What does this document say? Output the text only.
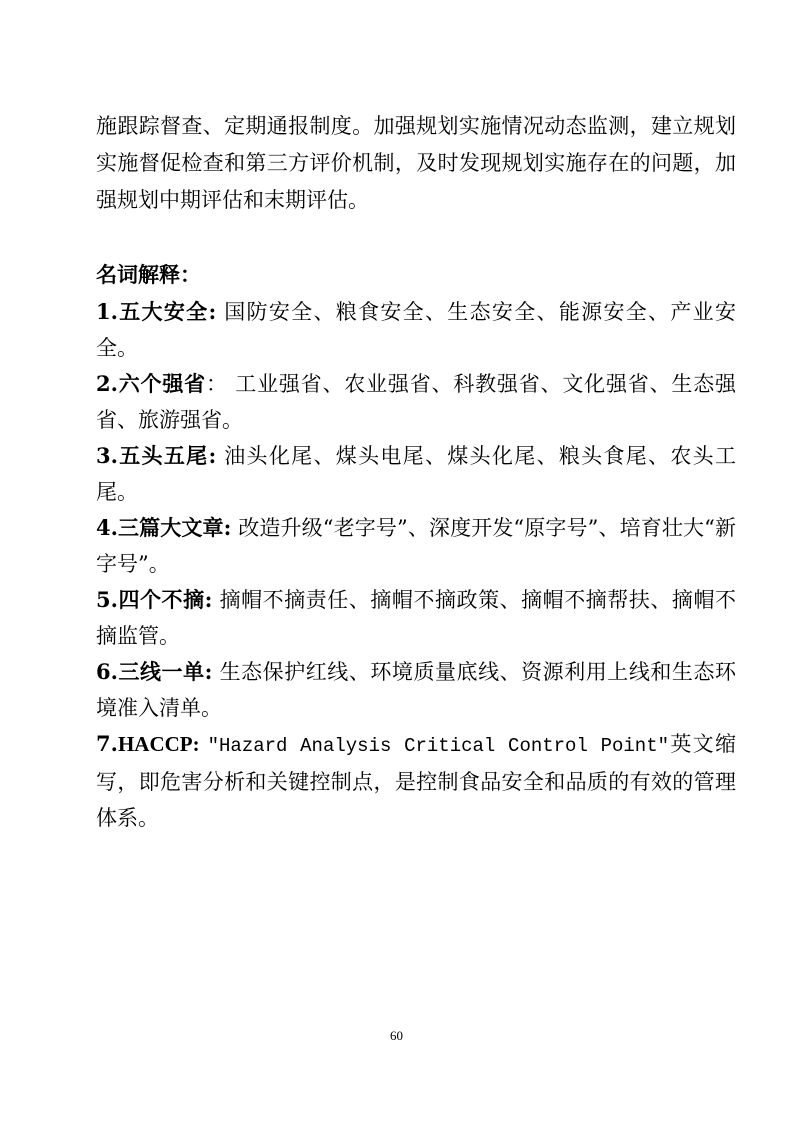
施跟踪督查、定期通报制度。加强规划实施情况动态监测，建立规划实施督促检查和第三方评价机制，及时发现规划实施存在的问题，加强规划中期评估和末期评估。

名词解释：
1.五大安全: 国防安全、粮食安全、生态安全、能源安全、产业安全。
2.六个强省： 工业强省、农业强省、科教强省、文化强省、生态强省、旅游强省。
3.五头五尾: 油头化尾、煤头电尾、煤头化尾、粮头食尾、农头工尾。
4.三篇大文章: 改造升级“老字号”、深度开发“原字号”、培育壮大“新字号”。
5.四个不摘: 摘帽不摘责任、摘帽不摘政策、摘帽不摘帮扶、摘帽不摘监管。
6.三线一单: 生态保护红线、环境质量底线、资源利用上线和生态环境准入清单。
7.HACCP: "Hazard Analysis Critical Control Point"英文缩写，即危害分析和关键控制点，是控制食品安全和品质的有效的管理体系。
60
